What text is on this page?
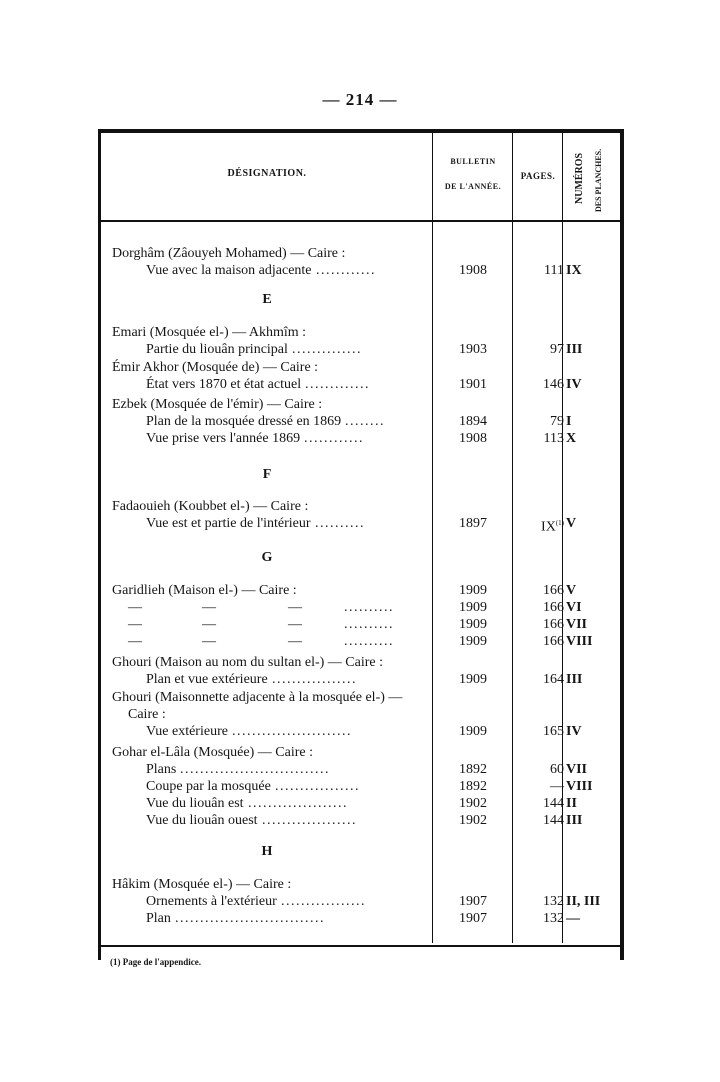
— 214 —
DÉSIGNATION.
BULLETIN
DE L'ANNÉE.
PAGES.	NUMÉROS DES PLANCHES.
Dorghâm (Zâouyeh Mohamed) — Caire :
Vue avec la maison adjacente ............	1908	111 IX
E
Emari (Mosquée el-) — Akhmîm :
Partie du liouân principal ..............	1903	97 III
Émir Akhor (Mosquée de) — Caire :
État vers 1870 et état actuel .............	1901	146 IV
Ezbek (Mosquée de l'émir) — Caire :
Plan de la mosquée dressé en 1869 ........	1894	79 I
Vue prise vers l'année 1869 ............	1908	113 X
F
Fadaouieh (Koubbet el-) — Caire :
Vue est et partie de l'intérieur ..........	1897	IX$^{(1)}$ V
G
Garidlieh (Maison el-) — Caire :	1909	166 V
—	—	—	..........	1909	166 VI
—	—	—	..........	1909	166 VII
—	—	—	..........	1909	166 VIII
Ghouri (Maison au nom du sultan el-) — Caire :
Plan et vue extérieure .................	1909	164 III
Ghouri (Maisonnette adjacente à la mosquée el-) —
Caire :
Vue extérieure ........................	1909	165 IV
Gohar el-Lâla (Mosquée) — Caire :
Plans ..............................	1892	60 VII
Coupe par la mosquée .................	1892	— VIII
Vue du liouân est ....................	1902	144 II
Vue du liouân ouest ...................	1902	144 III
H
Hâkim (Mosquée el-) — Caire :
Ornements à l'extérieur .................	1907	132 II, III
Plan ..............................	1907	132 —
(1) Page de l'appendice.
